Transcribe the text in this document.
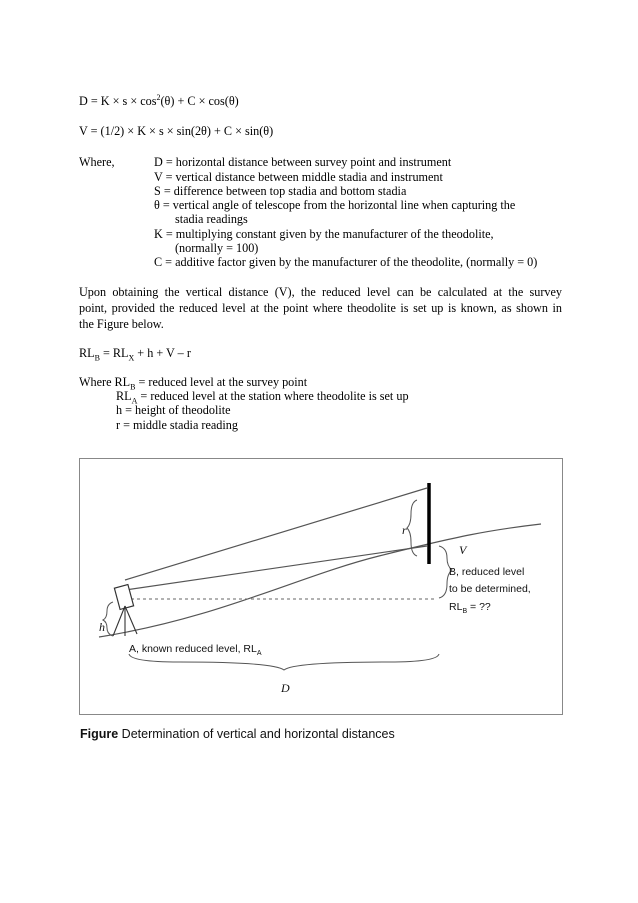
$D = K \times s \times \cos^2(\theta) + C \times \cos(\theta)$
V = (1/2) × K × s × sin(2θ) + C × sin(θ)
Where,	D = horizontal distance between survey point and instrument
V = vertical distance between middle stadia and instrument
S = difference between top stadia and bottom stadia
θ = vertical angle of telescope from the horizontal line when capturing the
stadia readings
K = multiplying constant given by the manufacturer of the theodolite,
(normally = 100)
C = additive factor given by the manufacturer of the theodolite, (normally = 0)
Upon obtaining the vertical distance (V), the reduced level can be calculated at the survey
point, provided the reduced level at the point where theodolite is set up is known, as shown in
the Figure below.
$RL_B = RL_X + h + V - r$
Where $RL_B$ = reduced level at the survey point
$RL_A$ = reduced level at the station where theodolite is set up
h = height of theodolite
r = middle stadia reading
r
V
h
D
B, reduced level
to be determined,
$RL_B$ = ??
A, known reduced level, $RL_A$
Figure Determination of vertical and horizontal distances
